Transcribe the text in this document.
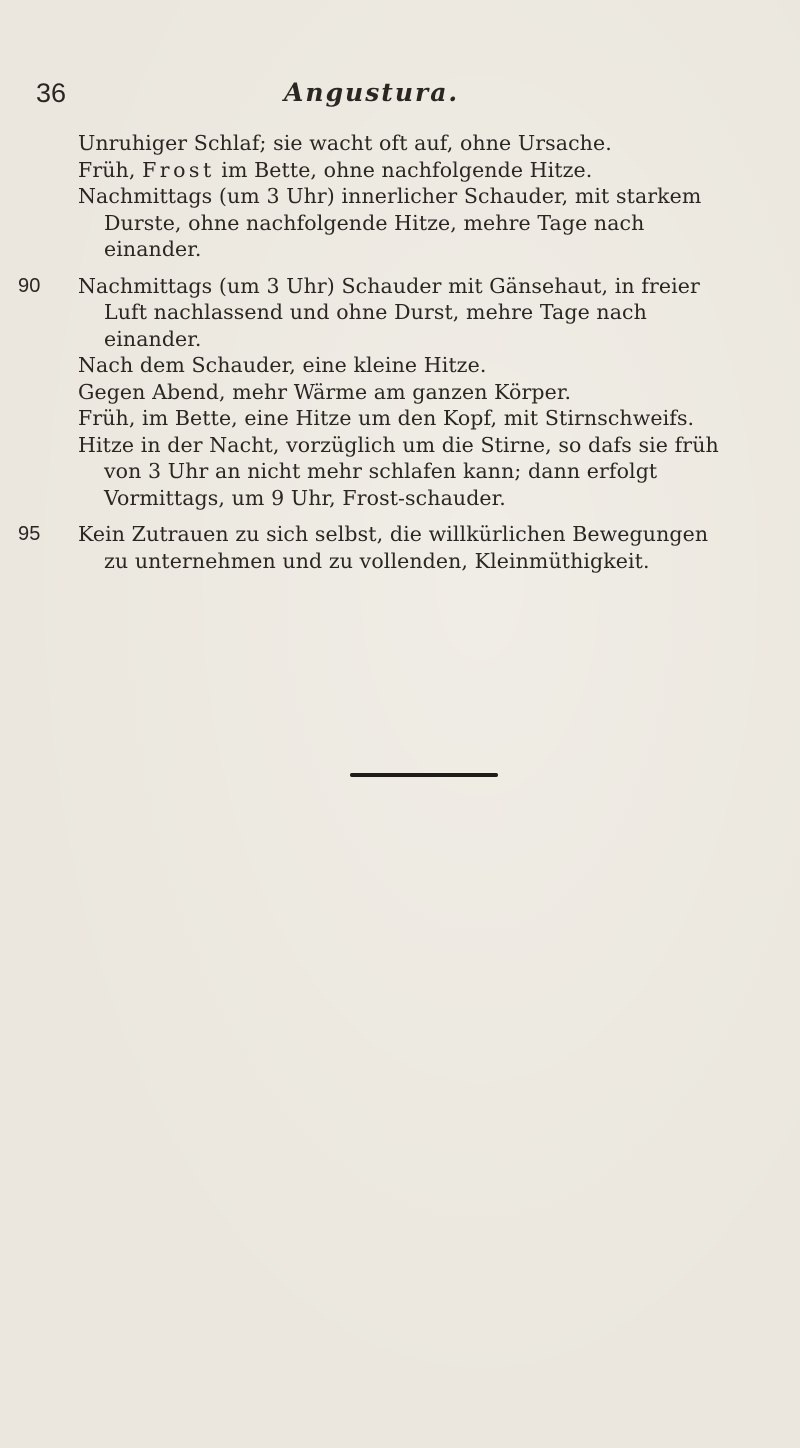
36	Angustura.

Unruhiger Schlaf; sie wacht oft auf, ohne Ursache.

Früh, Frost im Bette, ohne nachfolgende Hitze.

Nachmittags (um 3 Uhr) innerlicher Schauder, mit starkem Durste, ohne nachfolgende Hitze, mehre Tage nach einander.

90	Nachmittags (um 3 Uhr) Schauder mit Gänsehaut, in freier Luft nachlassend und ohne Durst, mehre Tage nach einander.

Nach dem Schauder, eine kleine Hitze.

Gegen Abend, mehr Wärme am ganzen Körper.

Früh, im Bette, eine Hitze um den Kopf, mit Stirnschweifs.

Hitze in der Nacht, vorzüglich um die Stirne, so dafs sie früh von 3 Uhr an nicht mehr schlafen kann; dann erfolgt Vormittags, um 9 Uhr, Frost-schauder.

95	Kein Zutrauen zu sich selbst, die willkürlichen Bewegungen zu unternehmen und zu vollenden, Kleinmüthigkeit.
